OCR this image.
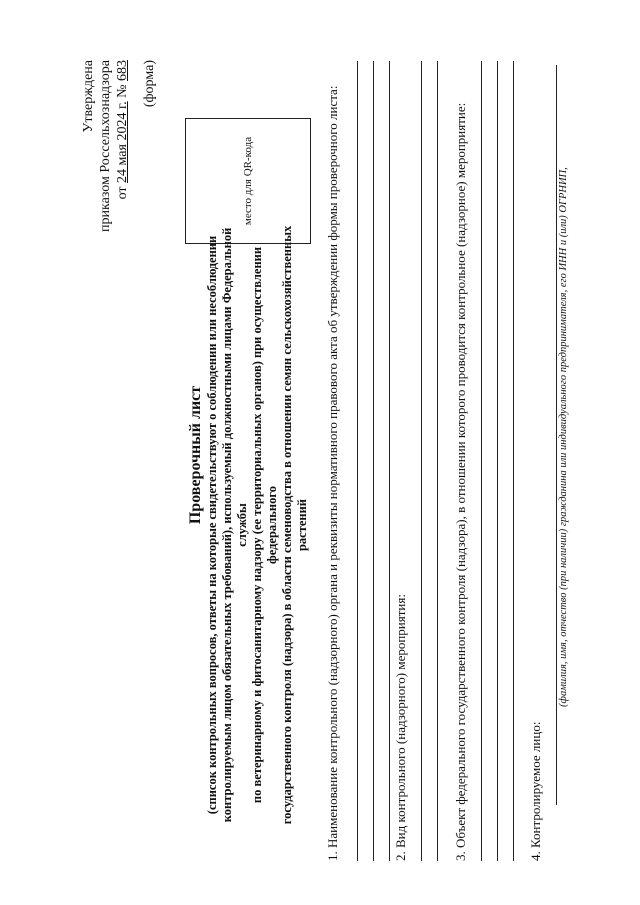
Утверждена приказом Россельхознадзора от 24 мая 2024 г. № 683 (форма)
место для QR-кода
Проверочный лист (список контрольных вопросов, ответы на которые свидетельствуют о соблюдении или несоблюдении контролируемым лицом обязательных требований), используемый должностными лицами Федеральной службы по ветеринарному и фитосанитарному надзору (ее территориальных органов) при осуществлении федерального государственного контроля (надзора) в области семеноводства в отношении семян сельскохозяйственных растений 1. Наименование контрольного (надзорного) органа и реквизиты нормативного правового акта об утверждении формы проверочного листа:	2. Вид контрольного (надзорного) мероприятия:	3. Объект федерального государственного контроля (надзора), в отношении которого проводится контрольное (надзорное) мероприятие:	4. Контролируемое лицо:
(фамилия, имя, отчество (при наличии) гражданина или индивидуального предпринимателя, его ИНН и (или) ОГРНИП,
